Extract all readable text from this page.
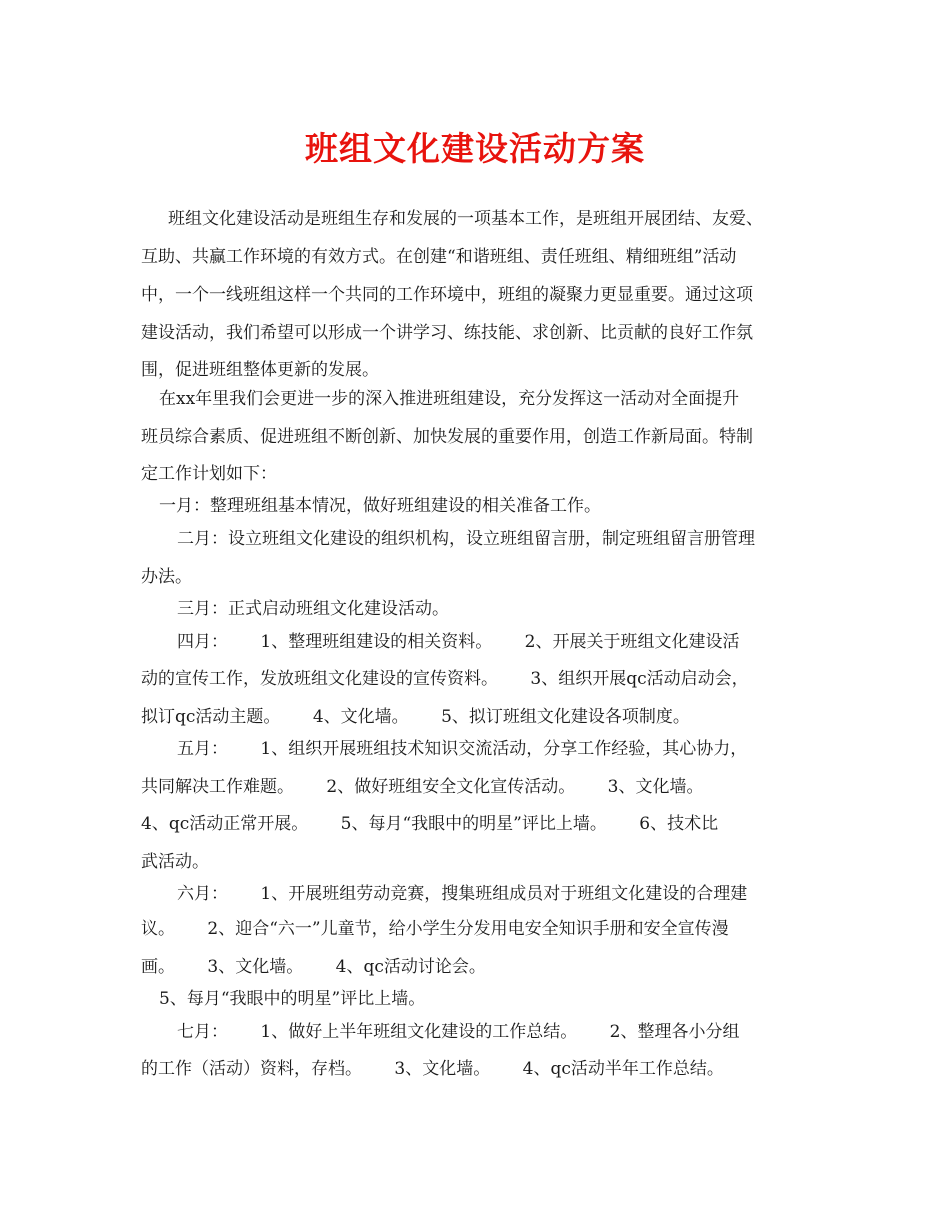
班组文化建设活动方案
班组文化建设活动是班组生存和发展的一项基本工作，是班组开展团结、友爱、
互助、共赢工作环境的有效方式。在创建“和谐班组、责任班组、精细班组”活动
中，一个一线班组这样一个共同的工作环境中，班组的凝聚力更显重要。通过这项
建设活动，我们希望可以形成一个讲学习、练技能、求创新、比贡献的良好工作氛
围，促进班组整体更新的发展。
在xx年里我们会更进一步的深入推进班组建设，充分发挥这一活动对全面提升
班员综合素质、促进班组不断创新、加快发展的重要作用，创造工作新局面。特制
定工作计划如下：
一月：整理班组基本情况，做好班组建设的相关准备工作。
二月：设立班组文化建设的组织机构，设立班组留言册，制定班组留言册管理
办法。
三月：正式启动班组文化建设活动。
四月：      1、整理班组建设的相关资料。      2、开展关于班组文化建设活
动的宣传工作，发放班组文化建设的宣传资料。      3、组织开展qc活动启动会，
拟订qc活动主题。      4、文化墙。      5、拟订班组文化建设各项制度。
五月：      1、组织开展班组技术知识交流活动，分享工作经验，其心协力，
共同解决工作难题。      2、做好班组安全文化宣传活动。      3、文化墙。
4、qc活动正常开展。      5、每月“我眼中的明星”评比上墙。      6、技术比
武活动。
六月：      1、开展班组劳动竞赛，搜集班组成员对于班组文化建设的合理建
议。      2、迎合“六一”儿童节，给小学生分发用电安全知识手册和安全宣传漫
画。      3、文化墙。      4、qc活动讨论会。
5、每月“我眼中的明星”评比上墙。
七月：      1、做好上半年班组文化建设的工作总结。      2、整理各小分组
的工作（活动）资料，存档。      3、文化墙。      4、qc活动半年工作总结。
